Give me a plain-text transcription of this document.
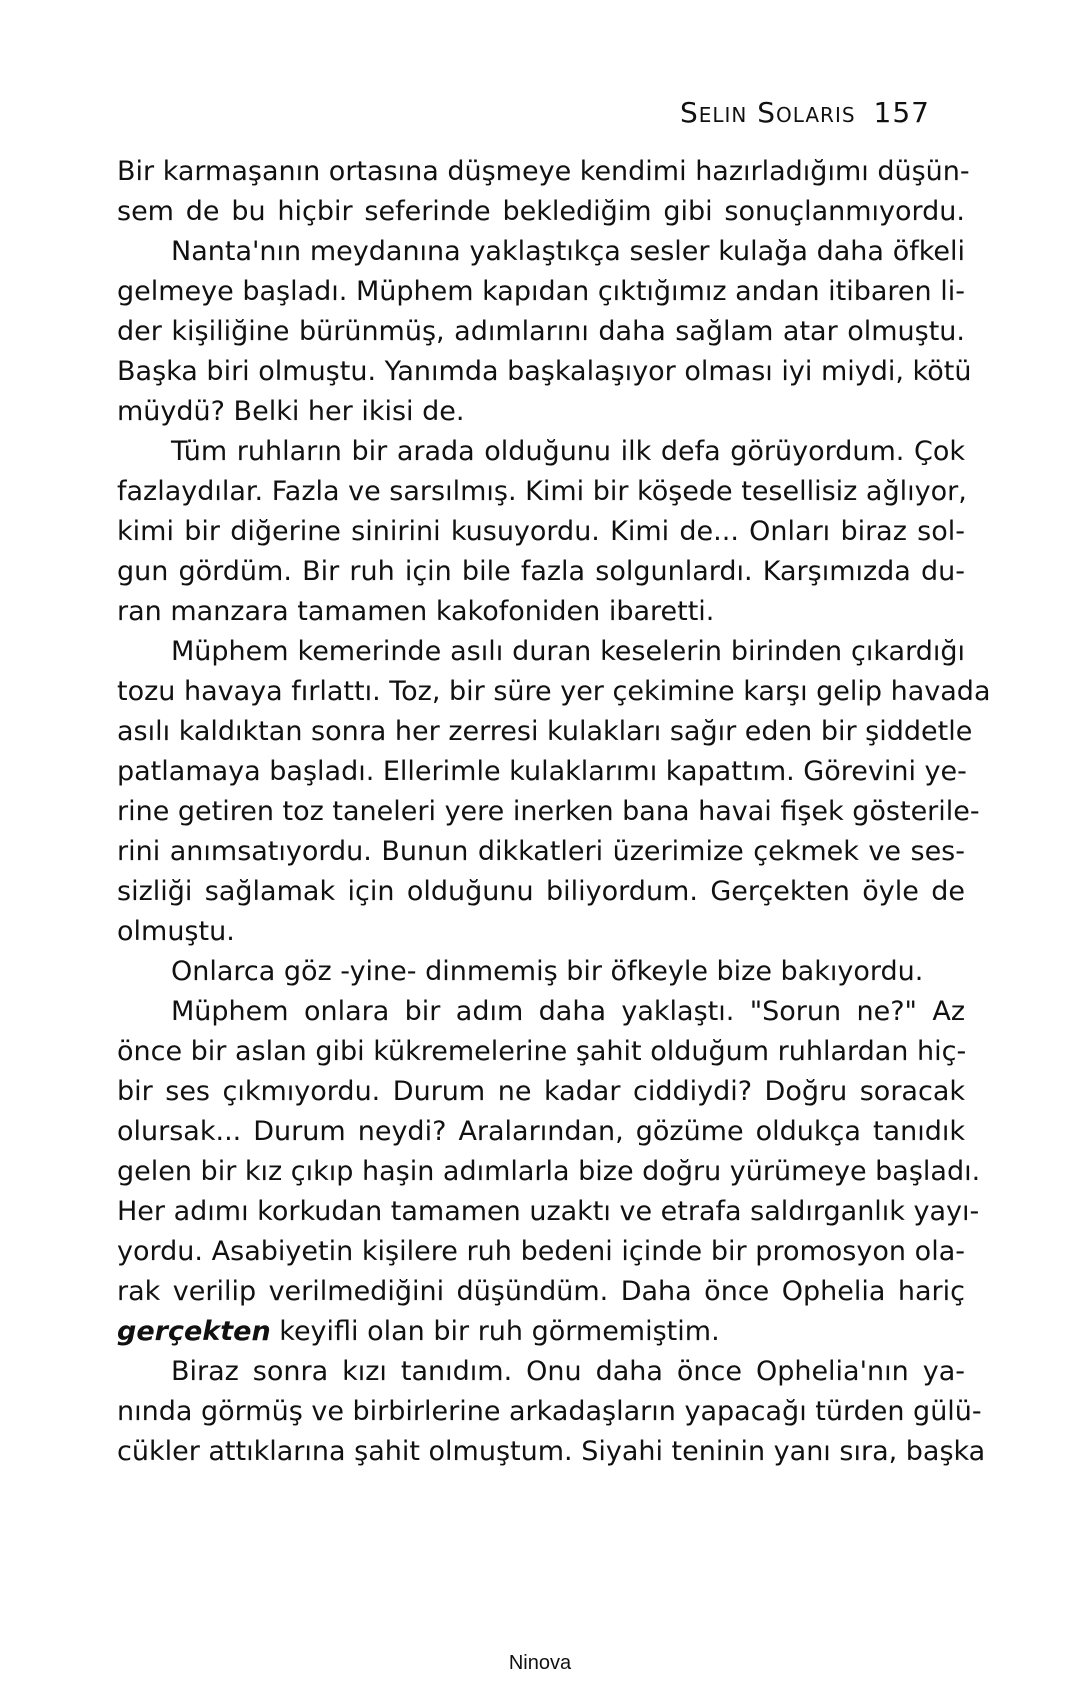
Selin Solaris 157
Bir karmaşanın ortasına düşmeye kendimi hazırladığımı düşün-
sem de bu hiçbir seferinde beklediğim gibi sonuçlanmıyordu.
Nanta'nın meydanına yaklaştıkça sesler kulağa daha öfkeli
gelmeye başladı. Müphem kapıdan çıktığımız andan itibaren li-
der kişiliğine bürünmüş, adımlarını daha sağlam atar olmuştu.
Başka biri olmuştu. Yanımda başkalaşıyor olması iyi miydi, kötü
müydü? Belki her ikisi de.
Tüm ruhların bir arada olduğunu ilk defa görüyordum. Çok
fazlaydılar. Fazla ve sarsılmış. Kimi bir köşede tesellisiz ağlıyor,
kimi bir diğerine sinirini kusuyordu. Kimi de... Onları biraz sol-
gun gördüm. Bir ruh için bile fazla solgunlardı. Karşımızda du-
ran manzara tamamen kakofoniden ibaretti.
Müphem kemerinde asılı duran keselerin birinden çıkardığı
tozu havaya fırlattı. Toz, bir süre yer çekimine karşı gelip havada
asılı kaldıktan sonra her zerresi kulakları sağır eden bir şiddetle
patlamaya başladı. Ellerimle kulaklarımı kapattım. Görevini ye-
rine getiren toz taneleri yere inerken bana havai fişek gösterile-
rini anımsatıyordu. Bunun dikkatleri üzerimize çekmek ve ses-
sizliği sağlamak için olduğunu biliyordum. Gerçekten öyle de
olmuştu.
Onlarca göz -yine- dinmemiş bir öfkeyle bize bakıyordu.
Müphem onlara bir adım daha yaklaştı. "Sorun ne?" Az
önce bir aslan gibi kükremelerine şahit olduğum ruhlardan hiç-
bir ses çıkmıyordu. Durum ne kadar ciddiydi? Doğru soracak
olursak... Durum neydi? Aralarından, gözüme oldukça tanıdık
gelen bir kız çıkıp haşin adımlarla bize doğru yürümeye başladı.
Her adımı korkudan tamamen uzaktı ve etrafa saldırganlık yayı-
yordu. Asabiyetin kişilere ruh bedeni içinde bir promosyon ola-
rak verilip verilmediğini düşündüm. Daha önce Ophelia hariç
gerçekten keyifli olan bir ruh görmemiştim.
Biraz sonra kızı tanıdım. Onu daha önce Ophelia'nın ya-
nında görmüş ve birbirlerine arkadaşların yapacağı türden gülü-
cükler attıklarına şahit olmuştum. Siyahi teninin yanı sıra, başka
Ninova
